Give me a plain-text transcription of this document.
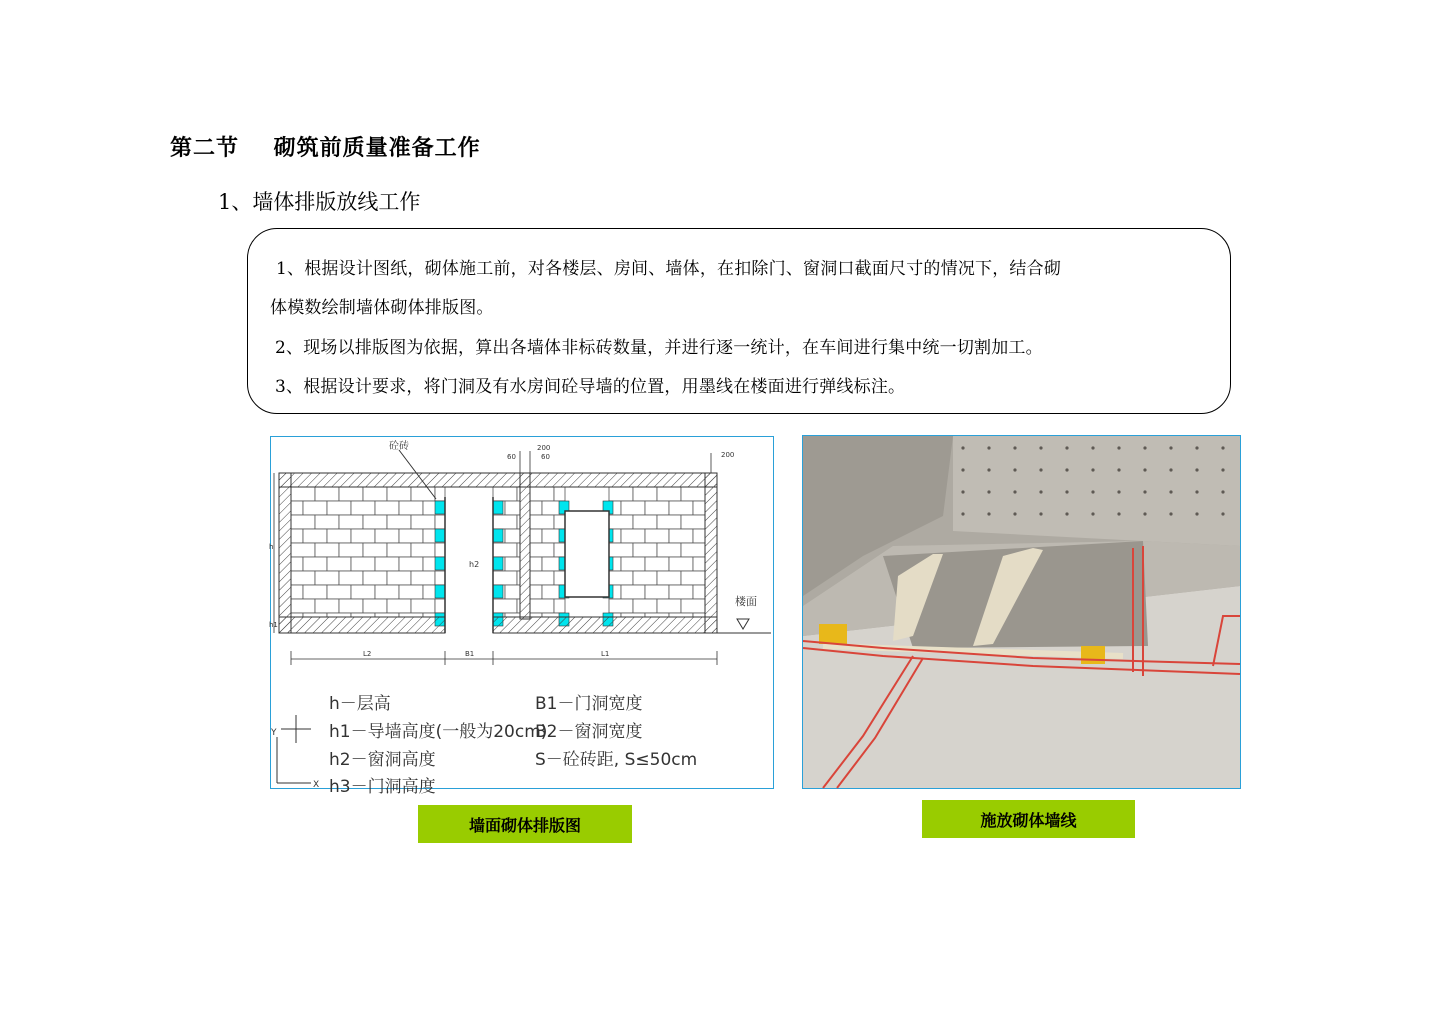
第二节    砌筑前质量准备工作
1、墙体排版放线工作
1、根据设计图纸，砌体施工前，对各楼层、房间、墙体，在扣除门、窗洞口截面尺寸的情况下，结合砌
体模数绘制墙体砌体排版图。
2、现场以排版图为依据，算出各墙体非标砖数量，并进行逐一统计，在车间进行集中统一切割加工。
3、根据设计要求，将门洞及有水房间砼导墙的位置，用墨线在楼面进行弹线标注。
砼砖	200
60	60	200
楼面
h
h1
h2
L2	B1	L1
Y
X
h－层高
h1－导墙高度(一般为20cm)
h2－窗洞高度
h3－门洞高度
B1－门洞宽度
B2－窗洞宽度
S－砼砖距, S≤50cm
墙面砌体排版图	施放砌体墙线
